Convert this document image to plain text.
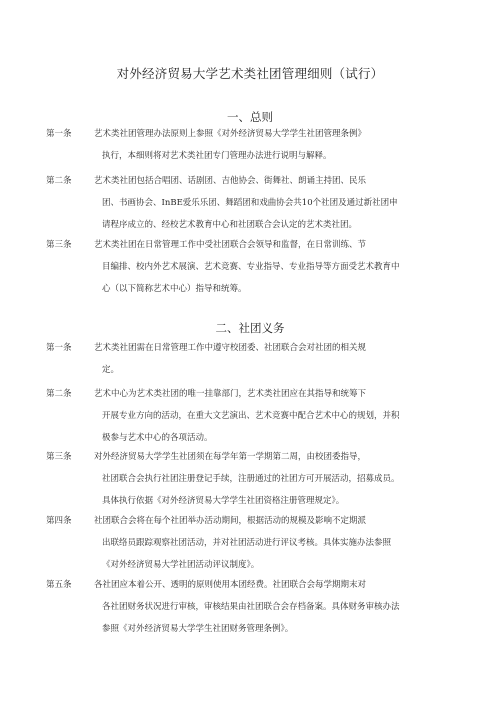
对外经济贸易大学艺术类社团管理细则（试行）
一、总则
第一条	艺术类社团管理办法原则上参照《对外经济贸易大学学生社团管理条例》
执行，本细则将对艺术类社团专门管理办法进行说明与解释。
第二条	艺术类社团包括合唱团、话剧团、吉他协会、街舞社、朗诵主持团、民乐
团、书画协会、InBE爱乐乐团、舞蹈团和戏曲协会共10个社团及通过新社团申
请程序成立的、经校艺术教育中心和社团联合会认定的艺术类社团。
第三条	艺术类社团在日常管理工作中受社团联合会领导和监督，在日常训练、节
目编排、校内外艺术展演、艺术竞赛、专业指导、专业指导等方面受艺术教育中
心（以下简称艺术中心）指导和统筹。
二、社团义务
第一条	艺术类社团需在日常管理工作中遵守校团委、社团联合会对社团的相关规
定。
第二条	艺术中心为艺术类社团的唯一挂靠部门，艺术类社团应在其指导和统筹下
开展专业方向的活动，在重大文艺演出、艺术竞赛中配合艺术中心的规划，并积
极参与艺术中心的各项活动。
第三条	对外经济贸易大学学生社团须在每学年第一学期第二周，由校团委指导，
社团联合会执行社团注册登记手续，注册通过的社团方可开展活动，招募成员。
具体执行依据《对外经济贸易大学学生社团资格注册管理规定》。
第四条	社团联合会将在每个社团举办活动期间，根据活动的规模及影响不定期派
出联络员跟踪观察社团活动，并对社团活动进行评议考核。具体实施办法参照
《对外经济贸易大学社团活动评议制度》。
第五条	各社团应本着公开、透明的原则使用本团经费。社团联合会每学期期末对
各社团财务状况进行审核，审核结果由社团联合会存档备案。具体财务审核办法
参照《对外经济贸易大学学生社团财务管理条例》。
